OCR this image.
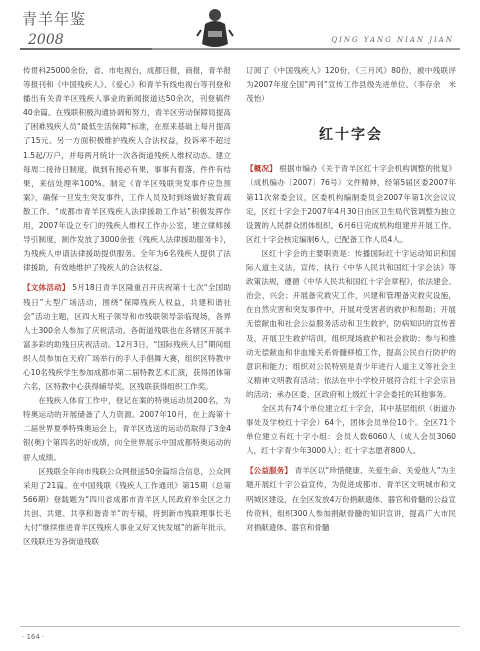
青羊年鉴
2008	QING YANG NIAN JIAN

传贯科25000余份，省、市电视台，成都日报，商报，青羊报等报刊和《中国残疾人》、《爱心》和青羊有线电视台等刊登和播出有关青羊区残疾人事业的新闻报道达50余次，刊登稿件40余篇。在残联积极沟通协调和努力，青羊区劳动保障局提高了困难残疾人员“最低生活保障”标准，在原来基础上每月提高了15元。另一方面积极维护残疾人合法权益，投诉率不超过1.5起/万户，并每两月统计一次各街道残疾人维权动态。建立每周二接待日制度，做到有接必有果，事事有着落，件件有结果，来信处理率100%。制定《青羊区残联突发事件应急预案》，确保一旦发生突发事件，工作人员及时到场做好教育疏散工作。“成都市青羊区残疾人法律援助工作站”积极发挥作用，2007年设立专门的残疾人维权工作办公室，建立律师援导引制度，制作发放了3000余张《残疾人法律援助服务卡》，为残疾人申请法律援助提供服务。全年为6名残疾人提供了法律援助，有效地维护了残疾人的合法权益。

【文体活动】 5月18日青羊区隆重召开庆祝第十七次“全国助残日”大型广场活动，围绕“保障残疾人权益，共建和谐社会”活动主题，区四大班子领导和市残联领导亲临现场，各界人士300余人参加了庆祝活动。各街道残联也在各辖区开展丰富多彩的助残日庆祝活动。12月3日，“国际残疾人日”期间组织人员参加在天府广场举行的手人手倡舞大赛，组织区特教中心10名残疾学生参加成都市第二届特教艺术汇演，获得团体第六名，区特教中心获得辅导奖，区残联获得组织工作奖。

在残疾人体育工作中，登记在案的特奥运动员200名，为特奥运动的开展储备了人力资源。2007年10月，在上海第十二届世界夏季特殊奥运会上，青羊区选送的运动员取得了3金4银(奥)个第四名的好成绩，向全世界展示中国成都特奥运动的骄人成绩。

区残联全年向市残联公众网报送50余篇综合信息，公众网采用了21篇。在中国残联《残疾人工作通讯》第15期（总第566期）登载题为“四川省成都市青羊区人民政府举全区之力共创、共建、共享和谐青羊”的专稿，将到新市残联理事长毛大付“继续推进青羊区残疾人事业又好又快发展”的新年批示。区残联还为各街道残联

订阅了《中国残疾人》120份，《三月风》80份，被中残联评为2007年度全国“两刊”宣传工作县级先进单位。（李存余　米茂怡）

红十字会

【概况】 根据市编办《关于青羊区红十字会机构调整的批复》（成机编办〔2007〕76号）文件精神，经第5届区委2007年第11次常委会议，区委机构编制委员会2007年第1次会议议定，区红十字会于2007年4月30日由区卫生局代管调整为独立设置的人民群众团体组织，6月6日完成机构组建并开展工作。区红十字会核定编制6人，已配备工作人员4人。

区红十字会的主要职责是：传播国际红十字运动知识和国际人道主义法，宣传、执行《中华人民共和国红十字会法》等政策法规，遵循《中华人民共和国红十字会章程》，依法建会、治会、兴会；开展备灾救灾工作，兴建和管理备灾救灾设施，在自然灾害和突发事件中，开展对受害者的救护和帮助；开展无偿献血和社会公益服务活动和卫生救护，防病知识的宣传普及，开展卫生救护培训，组织现场救护和社会救助；参与和推动无偿献血和非血缘关系骨髓移植工作，提高公民自行防护的意识和能力；组织对公民特别是青少年进行人道主义等社会主义精神文明教育活动；依法在中小学校开展符合红十字会宗旨的活动；承办区委、区政府和上级红十字会委托的其他事务。

全区共有74个单位建立红十字会，其中基层组织（街道办事处及学校红十字会）64个，团体会员单位10个。全区71个单位建立有红十字小组：会员人数6060人（成人会员3060人，红十字青少年3000人）；红十字志愿者800人。

【公益服务】 青羊区以“珍惜健康、关爱生命、关爱他人”为主题开展红十字公益宣传，为促进成都市、青羊区文明城市和文明城区建设，在全区发放4万份捐献遗体、器官和骨髓的公益宣传资料，组织300人参加捐献骨髓的知识宣讲，提高广大市民对捐献遗体、器官和骨髓

· 164 ·
